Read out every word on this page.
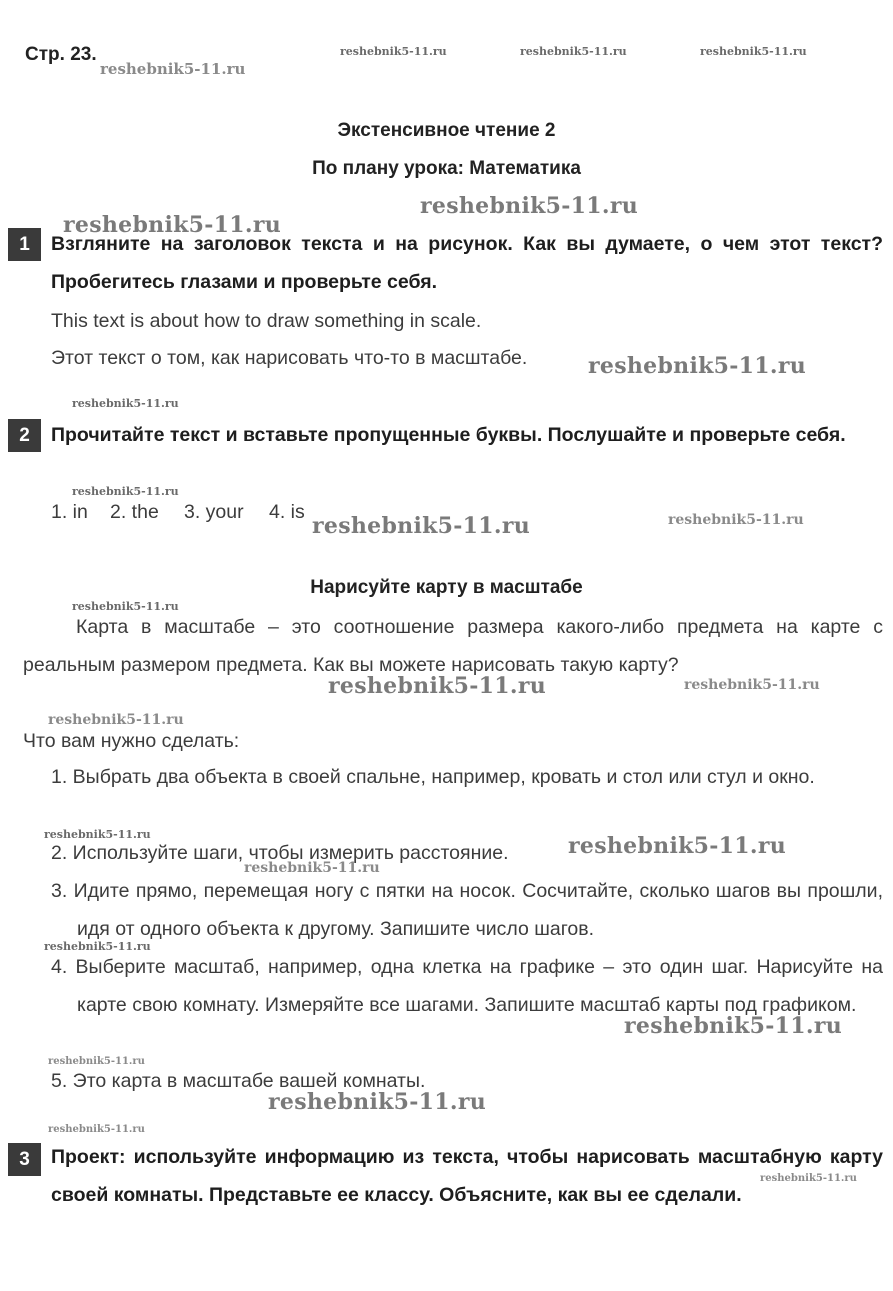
Стр. 23.
Экстенсивное чтение 2
По плану урока: Математика
1	Взгляните на заголовок текста и на рисунок. Как вы думаете, о чем этот текст? Пробегитесь глазами и проверьте себя.
This text is about how to draw something in scale.
Этот текст о том, как нарисовать что-то в масштабе.
2	Прочитайте текст и вставьте пропущенные буквы. Послушайте и проверьте себя.
1. in 2. the 3. your 4. is
Нарисуйте карту в масштабе
Карта в масштабе – это соотношение размера какого-либо предмета на карте с реальным размером предмета. Как вы можете нарисовать такую карту?
Что вам нужно сделать:
1. Выбрать два объекта в своей спальне, например, кровать и стол или стул и окно.
2. Используйте шаги, чтобы измерить расстояние.
3. Идите прямо, перемещая ногу с пятки на носок. Сосчитайте, сколько шагов вы прошли, идя от одного объекта к другому. Запишите число шагов.
4. Выберите масштаб, например, одна клетка на графике – это один шаг. Нарисуйте на карте свою комнату. Измеряйте все шагами. Запишите масштаб карты под графиком.
5. Это карта в масштабе вашей комнаты.
3	Проект: используйте информацию из текста, чтобы нарисовать масштабную карту своей комнаты. Представьте ее классу. Объясните, как вы ее сделали.
reshebnik5-11.ru	reshebnik5-11.ru	reshebnik5-11.ru
reshebnik5-11.ru
reshebnik5-11.ru
reshebnik5-11.ru
reshebnik5-11.ru
reshebnik5-11.ru
reshebnik5-11.ru
reshebnik5-11.ru	reshebnik5-11.ru
reshebnik5-11.ru
reshebnik5-11.ru	reshebnik5-11.ru
reshebnik5-11.ru
reshebnik5-11.ru	reshebnik5-11.ru
reshebnik5-11.ru
reshebnik5-11.ru
reshebnik5-11.ru
reshebnik5-11.ru
reshebnik5-11.ru
reshebnik5-11.ru
reshebnik5-11.ru
